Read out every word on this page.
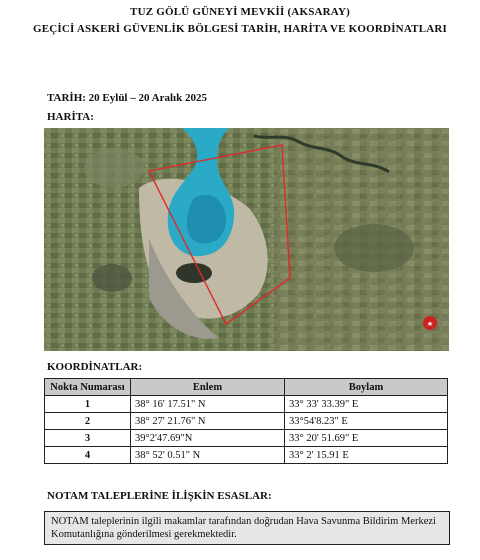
TUZ GÖLÜ GÜNEYİ MEVKİİ (AKSARAY)
GEÇİCİ ASKERİ GÜVENLİK BÖLGESİ TARİH, HARİTA VE KOORDİNATLARI
TARİH: 20 Eylül – 20 Aralık 2025
HARİTA:
★
KOORDİNATLAR:
Nokta Numarası	Enlem	Boylam
1	38° 16' 17.51" N	33° 33' 33.39" E
2	38° 27' 21.76" N	33°54'8.23" E
3	39°2'47.69"N	33° 20' 51.69" E
4	38° 52' 0.51" N	33° 2' 15.91 E
NOTAM TALEPLERİNE İLİŞKİN ESASLAR:
NOTAM taleplerinin ilgili makamlar tarafından doğrudan Hava Savunma Bildirim Merkezi Komutanlığına gönderilmesi gerekmektedir.
